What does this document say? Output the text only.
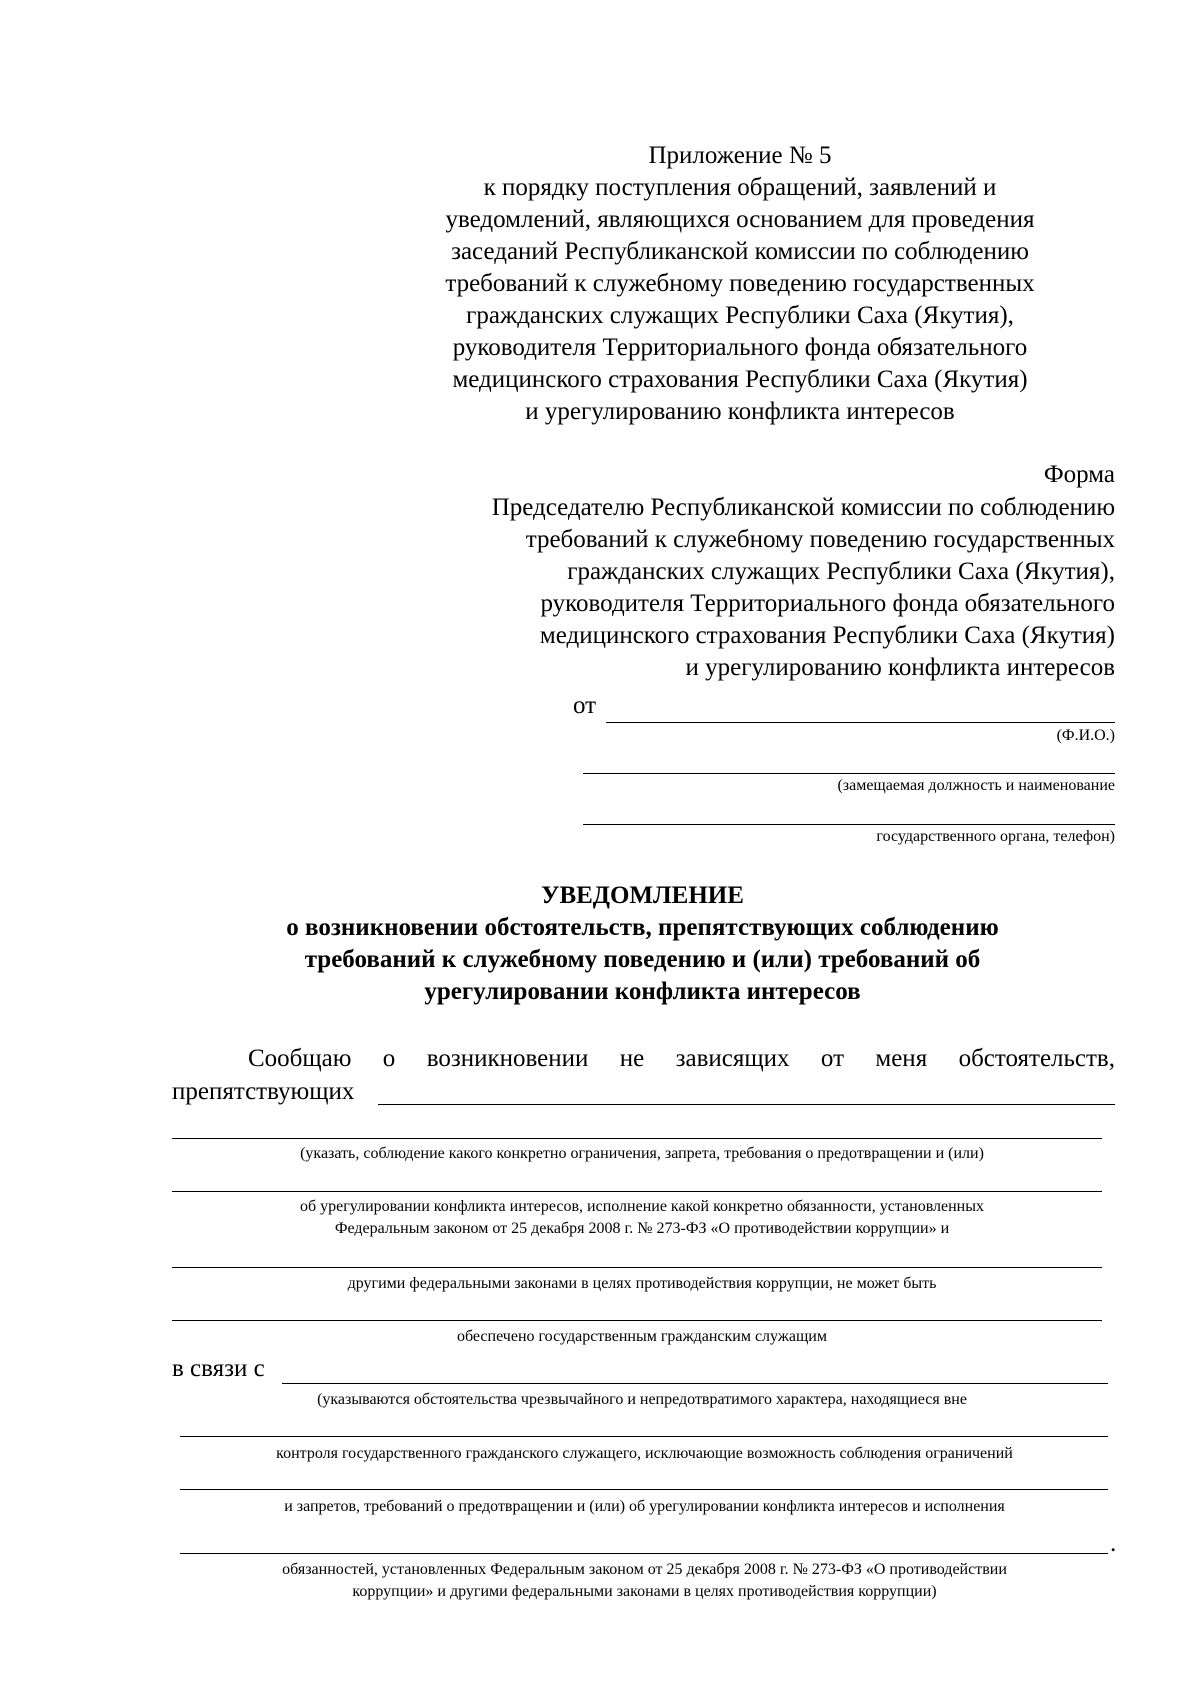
Приложение № 5
к порядку поступления обращений, заявлений и
уведомлений, являющихся основанием для проведения
заседаний Республиканской комиссии по соблюдению
требований к служебному поведению государственных
гражданских служащих Республики Саха (Якутия),
руководителя Территориального фонда обязательного
медицинского страхования Республики Саха (Якутия)
и урегулированию конфликта интересов
Форма
Председателю Республиканской комиссии по соблюдению
требований к служебному поведению государственных
гражданских служащих Республики Саха (Якутия),
руководителя Территориального фонда обязательного
медицинского страхования Республики Саха (Якутия)
и урегулированию конфликта интересов
от
(Ф.И.О.)
(замещаемая должность и наименование
государственного органа, телефон)
УВЕДОМЛЕНИЕ
о возникновении обстоятельств, препятствующих соблюдению
требований к служебному поведению и (или) требований об
урегулировании конфликта интересов
Сообщаю о возникновении не зависящих от меня обстоятельств,
препятствующих
(указать, соблюдение какого конкретно ограничения, запрета, требования о предотвращении и (или)
об урегулировании конфликта интересов, исполнение какой конкретно обязанности, установленных
Федеральным законом от 25 декабря 2008 г. № 273-ФЗ «О противодействии коррупции» и
другими федеральными законами в целях противодействия коррупции, не может быть
обеспечено государственным гражданским служащим
в связи с
(указываются обстоятельства чрезвычайного и непредотвратимого характера, находящиеся вне
контроля государственного гражданского служащего, исключающие возможность соблюдения ограничений
и запретов, требований о предотвращении и (или) об урегулировании конфликта интересов и исполнения
.
обязанностей, установленных Федеральным законом от 25 декабря 2008 г. № 273-ФЗ «О противодействии
коррупции» и другими федеральными законами в целях противодействия коррупции)
